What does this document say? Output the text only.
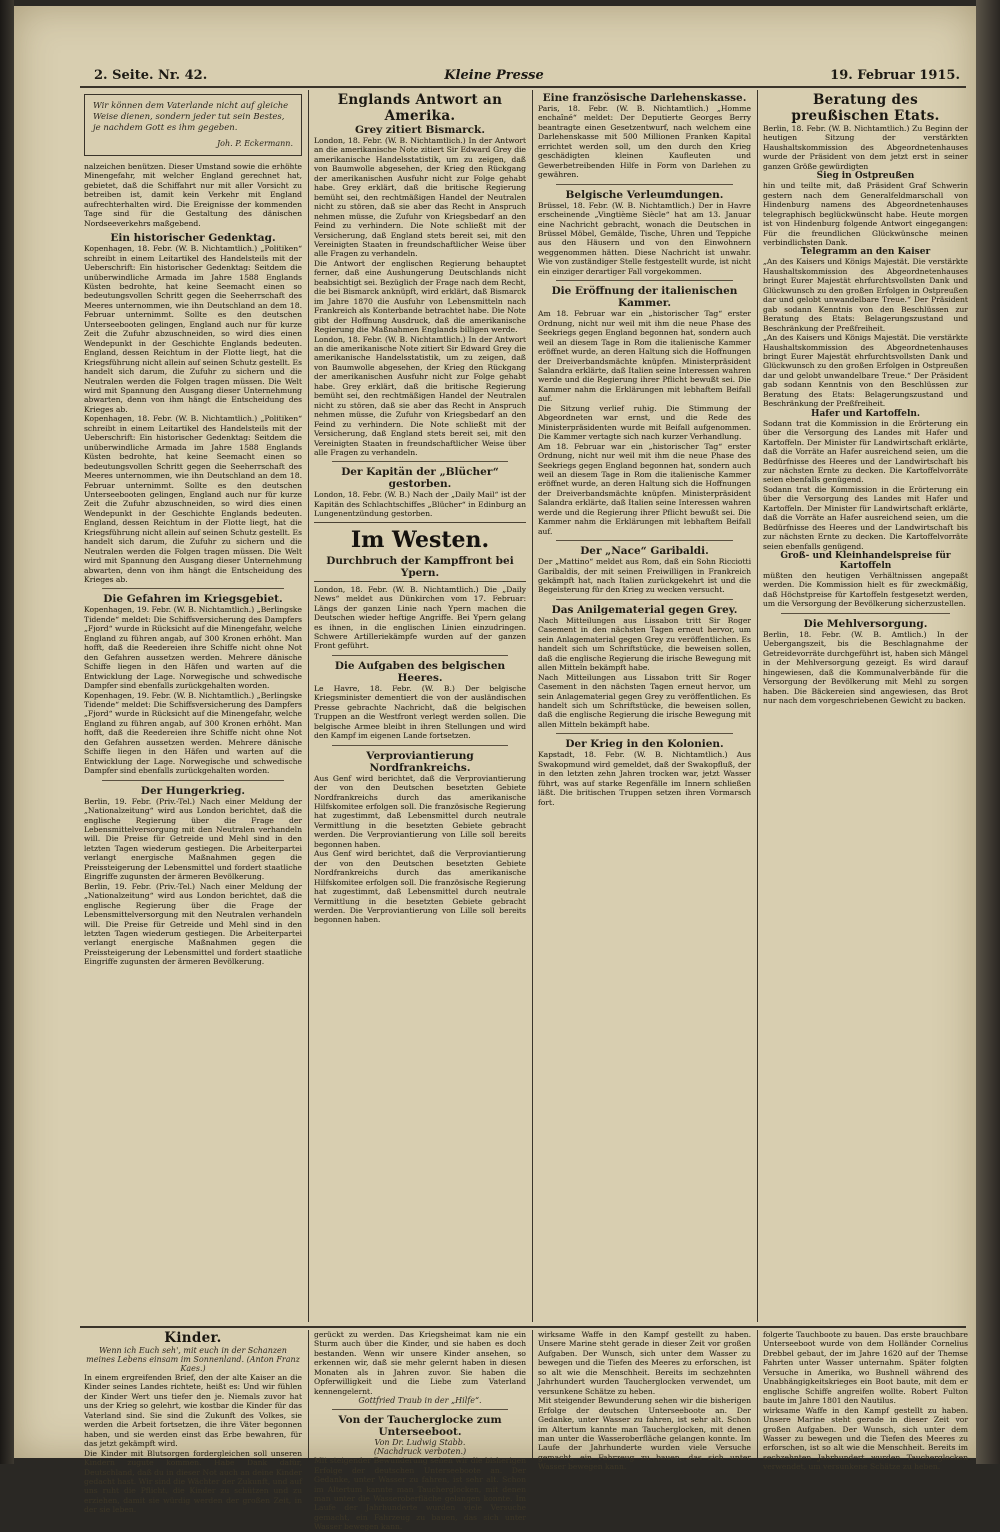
2. Seite. Nr. 42.	Kleine Presse	19. Februar 1915.
Wir können dem Vaterlande nicht auf gleiche Weise dienen, sondern jeder tut sein Bestes, je nachdem Gott es ihm gegeben.
Joh. P. Eckermann.

nalzeichen benützen. Dieser Umstand sowie die erhöhte Minengefahr, mit welcher England gerechnet hat, gebietet, daß die Schiffahrt nur mit aller Vorsicht zu betreiben ist, damit kein Verkehr mit England aufrechterhalten wird. Die Ereignisse der kommenden Tage sind für die Gestaltung des dänischen Nordseeverkehrs maßgebend.

Ein historischer Gedenktag.

Kopenhagen, 18. Febr. (W. B. Nichtamtlich.) „Politiken“ schreibt in einem Leitartikel des Handelsteils mit der Ueberschrift: Ein historischer Gedenktag: Seitdem die unüberwindliche Armada im Jahre 1588 Englands Küsten bedrohte, hat keine Seemacht einen so bedeutungsvollen Schritt gegen die Seeherrschaft des Meeres unternommen, wie ihn Deutschland an dem 18. Februar unternimmt. Sollte es den deutschen Unterseebooten gelingen, England auch nur für kurze Zeit die Zufuhr abzuschneiden, so wird dies einen Wendepunkt in der Geschichte Englands bedeuten. England, dessen Reichtum in der Flotte liegt, hat die Kriegsführung nicht allein auf seinen Schutz gestellt. Es handelt sich darum, die Zufuhr zu sichern und die Neutralen werden die Folgen tragen müssen. Die Welt wird mit Spannung den Ausgang dieser Unternehmung abwarten, denn von ihm hängt die Entscheidung des Krieges ab.

Kopenhagen, 18. Febr. (W. B. Nichtamtlich.) „Politiken“ schreibt in einem Leitartikel des Handelsteils mit der Ueberschrift: Ein historischer Gedenktag: Seitdem die unüberwindliche Armada im Jahre 1588 Englands Küsten bedrohte, hat keine Seemacht einen so bedeutungsvollen Schritt gegen die Seeherrschaft des Meeres unternommen, wie ihn Deutschland an dem 18. Februar unternimmt. Sollte es den deutschen Unterseebooten gelingen, England auch nur für kurze Zeit die Zufuhr abzuschneiden, so wird dies einen Wendepunkt in der Geschichte Englands bedeuten. England, dessen Reichtum in der Flotte liegt, hat die Kriegsführung nicht allein auf seinen Schutz gestellt. Es handelt sich darum, die Zufuhr zu sichern und die Neutralen werden die Folgen tragen müssen. Die Welt wird mit Spannung den Ausgang dieser Unternehmung abwarten, denn von ihm hängt die Entscheidung des Krieges ab.

Die Gefahren im Kriegsgebiet.

Kopenhagen, 19. Febr. (W. B. Nichtamtlich.) „Berlingske Tidende“ meldet: Die Schiffsversicherung des Dampfers „Fjord“ wurde in Rücksicht auf die Minengefahr, welche England zu führen angab, auf 300 Kronen erhöht. Man hofft, daß die Reedereien ihre Schiffe nicht ohne Not den Gefahren aussetzen werden. Mehrere dänische Schiffe liegen in den Häfen und warten auf die Entwicklung der Lage. Norwegische und schwedische Dampfer sind ebenfalls zurückgehalten worden.

Kopenhagen, 19. Febr. (W. B. Nichtamtlich.) „Berlingske Tidende“ meldet: Die Schiffsversicherung des Dampfers „Fjord“ wurde in Rücksicht auf die Minengefahr, welche England zu führen angab, auf 300 Kronen erhöht. Man hofft, daß die Reedereien ihre Schiffe nicht ohne Not den Gefahren aussetzen werden. Mehrere dänische Schiffe liegen in den Häfen und warten auf die Entwicklung der Lage. Norwegische und schwedische Dampfer sind ebenfalls zurückgehalten worden.

Der Hungerkrieg.

Berlin, 19. Febr. (Priv.-Tel.) Nach einer Meldung der „Nationalzeitung“ wird aus London berichtet, daß die englische Regierung über die Frage der Lebensmittelversorgung mit den Neutralen verhandeln will. Die Preise für Getreide und Mehl sind in den letzten Tagen wiederum gestiegen. Die Arbeiterpartei verlangt energische Maßnahmen gegen die Preissteigerung der Lebensmittel und fordert staatliche Eingriffe zugunsten der ärmeren Bevölkerung.

Berlin, 19. Febr. (Priv.-Tel.) Nach einer Meldung der „Nationalzeitung“ wird aus London berichtet, daß die englische Regierung über die Frage der Lebensmittelversorgung mit den Neutralen verhandeln will. Die Preise für Getreide und Mehl sind in den letzten Tagen wiederum gestiegen. Die Arbeiterpartei verlangt energische Maßnahmen gegen die Preissteigerung der Lebensmittel und fordert staatliche Eingriffe zugunsten der ärmeren Bevölkerung.

Englands Antwort an Amerika.
Grey zitiert Bismarck.

London, 18. Febr. (W. B. Nichtamtlich.) In der Antwort an die amerikanische Note zitiert Sir Edward Grey die amerikanische Handelsstatistik, um zu zeigen, daß von Baumwolle abgesehen, der Krieg den Rückgang der amerikanischen Ausfuhr nicht zur Folge gehabt habe. Grey erklärt, daß die britische Regierung bemüht sei, den rechtmäßigen Handel der Neutralen nicht zu stören, daß sie aber das Recht in Anspruch nehmen müsse, die Zufuhr von Kriegsbedarf an den Feind zu verhindern. Die Note schließt mit der Versicherung, daß England stets bereit sei, mit den Vereinigten Staaten in freundschaftlicher Weise über alle Fragen zu verhandeln.

Die Antwort der englischen Regierung behauptet ferner, daß eine Aushungerung Deutschlands nicht beabsichtigt sei. Bezüglich der Frage nach dem Recht, die bei Bismarck anknüpft, wird erklärt, daß Bismarck im Jahre 1870 die Ausfuhr von Lebensmitteln nach Frankreich als Konterbande betrachtet habe. Die Note gibt der Hoffnung Ausdruck, daß die amerikanische Regierung die Maßnahmen Englands billigen werde.

London, 18. Febr. (W. B. Nichtamtlich.) In der Antwort an die amerikanische Note zitiert Sir Edward Grey die amerikanische Handelsstatistik, um zu zeigen, daß von Baumwolle abgesehen, der Krieg den Rückgang der amerikanischen Ausfuhr nicht zur Folge gehabt habe. Grey erklärt, daß die britische Regierung bemüht sei, den rechtmäßigen Handel der Neutralen nicht zu stören, daß sie aber das Recht in Anspruch nehmen müsse, die Zufuhr von Kriegsbedarf an den Feind zu verhindern. Die Note schließt mit der Versicherung, daß England stets bereit sei, mit den Vereinigten Staaten in freundschaftlicher Weise über alle Fragen zu verhandeln.

Der Kapitän der „Blücher“ gestorben.

London, 18. Febr. (W. B.) Nach der „Daily Mail“ ist der Kapitän des Schlachtschiffes „Blücher“ in Edinburg an Lungenentzündung gestorben.

Im Westen.
Durchbruch der Kampffront bei Ypern.

London, 18. Febr. (W. B. Nichtamtlich.) Die „Daily News“ meldet aus Dünkirchen vom 17. Februar: Längs der ganzen Linie nach Ypern machen die Deutschen wieder heftige Angriffe. Bei Ypern gelang es ihnen, in die englischen Linien einzudringen. Schwere Artilleriekämpfe wurden auf der ganzen Front geführt.

Die Aufgaben des belgischen Heeres.

Le Havre, 18. Febr. (W. B.) Der belgische Kriegsminister dementiert die von der ausländischen Presse gebrachte Nachricht, daß die belgischen Truppen an die Westfront verlegt werden sollen. Die belgische Armee bleibt in ihren Stellungen und wird den Kampf im eigenen Lande fortsetzen.

Verproviantierung Nordfrankreichs.

Aus Genf wird berichtet, daß die Verproviantierung der von den Deutschen besetzten Gebiete Nordfrankreichs durch das amerikanische Hilfskomitee erfolgen soll. Die französische Regierung hat zugestimmt, daß Lebensmittel durch neutrale Vermittlung in die besetzten Gebiete gebracht werden. Die Verproviantierung von Lille soll bereits begonnen haben.

Aus Genf wird berichtet, daß die Verproviantierung der von den Deutschen besetzten Gebiete Nordfrankreichs durch das amerikanische Hilfskomitee erfolgen soll. Die französische Regierung hat zugestimmt, daß Lebensmittel durch neutrale Vermittlung in die besetzten Gebiete gebracht werden. Die Verproviantierung von Lille soll bereits begonnen haben.

Eine französische Darlehenskasse.

Paris, 18. Febr. (W. B. Nichtamtlich.) „Homme enchaîné“ meldet: Der Deputierte Georges Berry beantragte einen Gesetzentwurf, nach welchem eine Darlehenskasse mit 500 Millionen Franken Kapital errichtet werden soll, um den durch den Krieg geschädigten kleinen Kaufleuten und Gewerbetreibenden Hilfe in Form von Darlehen zu gewähren.

Belgische Verleumdungen.

Brüssel, 18. Febr. (W. B. Nichtamtlich.) Der in Havre erscheinende „Vingtième Siècle“ hat am 13. Januar eine Nachricht gebracht, wonach die Deutschen in Brüssel Möbel, Gemälde, Tische, Uhren und Teppiche aus den Häusern und von den Einwohnern weggenommen hätten. Diese Nachricht ist unwahr. Wie von zuständiger Stelle festgestellt wurde, ist nicht ein einziger derartiger Fall vorgekommen.

Die Eröffnung der italienischen Kammer.

Am 18. Februar war ein „historischer Tag“ erster Ordnung, nicht nur weil mit ihm die neue Phase des Seekriegs gegen England begonnen hat, sondern auch weil an diesem Tage in Rom die italienische Kammer eröffnet wurde, an deren Haltung sich die Hoffnungen der Dreiverbandsmächte knüpfen. Ministerpräsident Salandra erklärte, daß Italien seine Interessen wahren werde und die Regierung ihrer Pflicht bewußt sei. Die Kammer nahm die Erklärungen mit lebhaftem Beifall auf.

Die Sitzung verlief ruhig. Die Stimmung der Abgeordneten war ernst, und die Rede des Ministerpräsidenten wurde mit Beifall aufgenommen. Die Kammer vertagte sich nach kurzer Verhandlung.

Am 18. Februar war ein „historischer Tag“ erster Ordnung, nicht nur weil mit ihm die neue Phase des Seekriegs gegen England begonnen hat, sondern auch weil an diesem Tage in Rom die italienische Kammer eröffnet wurde, an deren Haltung sich die Hoffnungen der Dreiverbandsmächte knüpfen. Ministerpräsident Salandra erklärte, daß Italien seine Interessen wahren werde und die Regierung ihrer Pflicht bewußt sei. Die Kammer nahm die Erklärungen mit lebhaftem Beifall auf.

Der „Nace“ Garibaldi.

Der „Mattino“ meldet aus Rom, daß ein Sohn Ricciotti Garibaldis, der mit seinen Freiwilligen in Frankreich gekämpft hat, nach Italien zurückgekehrt ist und die Begeisterung für den Krieg zu wecken versucht.

Das Anilgematerial gegen Grey.

Nach Mitteilungen aus Lissabon tritt Sir Roger Casement in den nächsten Tagen erneut hervor, um sein Anlagematerial gegen Grey zu veröffentlichen. Es handelt sich um Schriftstücke, die beweisen sollen, daß die englische Regierung die irische Bewegung mit allen Mitteln bekämpft habe.

Nach Mitteilungen aus Lissabon tritt Sir Roger Casement in den nächsten Tagen erneut hervor, um sein Anlagematerial gegen Grey zu veröffentlichen. Es handelt sich um Schriftstücke, die beweisen sollen, daß die englische Regierung die irische Bewegung mit allen Mitteln bekämpft habe.

Der Krieg in den Kolonien.

Kapstadt, 18. Febr. (W. B. Nichtamtlich.) Aus Swakopmund wird gemeldet, daß der Swakopfluß, der in den letzten zehn Jahren trocken war, jetzt Wasser führt, was auf starke Regenfälle im Innern schließen läßt. Die britischen Truppen setzen ihren Vormarsch fort.

Beratung des preußischen Etats.

Berlin, 18. Febr. (W. B. Nichtamtlich.) Zu Beginn der heutigen Sitzung der verstärkten Haushaltskommission des Abgeordnetenhauses wurde der Präsident von dem jetzt erst in seiner ganzen Größe gewürdigten

Sieg in Ostpreußen

hin und teilte mit, daß Präsident Graf Schwerin gestern nach dem Generalfeldmarschall von Hindenburg namens des Abgeordnetenhauses telegraphisch beglückwünscht habe. Heute morgen ist von Hindenburg folgende Antwort eingegangen: Für die freundlichen Glückwünsche meinen verbindlichsten Dank.

Telegramm an den Kaiser

„An des Kaisers und Königs Majestät. Die verstärkte Haushaltskommission des Abgeordnetenhauses bringt Eurer Majestät ehrfurchtsvollsten Dank und Glückwunsch zu den großen Erfolgen in Ostpreußen dar und gelobt unwandelbare Treue.“ Der Präsident gab sodann Kenntnis von den Beschlüssen zur Beratung des Etats: Belagerungszustand und Beschränkung der Preßfreiheit.

„An des Kaisers und Königs Majestät. Die verstärkte Haushaltskommission des Abgeordnetenhauses bringt Eurer Majestät ehrfurchtsvollsten Dank und Glückwunsch zu den großen Erfolgen in Ostpreußen dar und gelobt unwandelbare Treue.“ Der Präsident gab sodann Kenntnis von den Beschlüssen zur Beratung des Etats: Belagerungszustand und Beschränkung der Preßfreiheit.

Hafer und Kartoffeln.

Sodann trat die Kommission in die Erörterung ein über die Versorgung des Landes mit Hafer und Kartoffeln. Der Minister für Landwirtschaft erklärte, daß die Vorräte an Hafer ausreichend seien, um die Bedürfnisse des Heeres und der Landwirtschaft bis zur nächsten Ernte zu decken. Die Kartoffelvorräte seien ebenfalls genügend.

Sodann trat die Kommission in die Erörterung ein über die Versorgung des Landes mit Hafer und Kartoffeln. Der Minister für Landwirtschaft erklärte, daß die Vorräte an Hafer ausreichend seien, um die Bedürfnisse des Heeres und der Landwirtschaft bis zur nächsten Ernte zu decken. Die Kartoffelvorräte seien ebenfalls genügend.

Groß- und Kleinhandelspreise für Kartoffeln

müßten den heutigen Verhältnissen angepaßt werden. Die Kommission hielt es für zweckmäßig, daß Höchstpreise für Kartoffeln festgesetzt werden, um die Versorgung der Bevölkerung sicherzustellen.

Die Mehlversorgung.

Berlin, 18. Febr. (W. B. Amtlich.) In der Uebergangszeit, bis die Beschlagnahme der Getreidevorräte durchgeführt ist, haben sich Mängel in der Mehlversorgung gezeigt. Es wird darauf hingewiesen, daß die Kommunalverbände für die Versorgung der Bevölkerung mit Mehl zu sorgen haben. Die Bäckereien sind angewiesen, das Brot nur nach dem vorgeschriebenen Gewicht zu backen.

Kinder.
Wenn ich Euch seh', mit euch in der Schanzen meines Lebens einsam im Sonnenland. (Anton Franz Kaes.)

In einem ergreifenden Brief, den der alte Kaiser an die Kinder seines Landes richtete, heißt es: Und wir fühlen der Kinder Wert uns tiefer den je. Niemals zuvor hat uns der Krieg so gelehrt, wie kostbar die Kinder für das Vaterland sind. Sie sind die Zukunft des Volkes, sie werden die Arbeit fortsetzen, die ihre Väter begonnen haben, und sie werden einst das Erbe bewahren, für das jetzt gekämpft wird.

Die Kinder mit Blutsorgen fordergleichen soll unseren Kindern zugute kommen. Habe Dank dafür, Deutschland, daß du in dieser Not auch an deine Kinder gedacht hast. Wir sind die Wächter der Zukunft, und auf uns ruht die Pflicht, die Kinder zu schützen und zu erziehen, damit sie würdig werden der großen Zeit, in der sie leben.

gerückt zu werden. Das Kriegsheimat kam nie ein Sturm auch über die Kinder, und sie haben es doch bestanden. Wenn wir unsere Kinder ansehen, so erkennen wir, daß sie mehr gelernt haben in diesen Monaten als in Jahren zuvor. Sie haben die Opferwilligkeit und die Liebe zum Vaterland kennengelernt.

Gottfried Traub in der „Hilfe“.
Von der Taucherglocke zum Unterseeboot.
Von Dr. Ludwig Stabb.
(Nachdruck verboten.)

Mit steigender Bewunderung sehen wir die bisherigen Erfolge der deutschen Unterseeboote an. Der Gedanke, unter Wasser zu fahren, ist sehr alt. Schon im Altertum kannte man Taucherglocken, mit denen man unter die Wasseroberfläche gelangen konnte. Im Laufe der Jahrhunderte wurden viele Versuche gemacht, ein Fahrzeug zu bauen, das sich unter Wasser bewegen kann.

wirksame Waffe in den Kampf gestellt zu haben. Unsere Marine steht gerade in dieser Zeit vor großen Aufgaben. Der Wunsch, sich unter dem Wasser zu bewegen und die Tiefen des Meeres zu erforschen, ist so alt wie die Menschheit. Bereits im sechzehnten Jahrhundert wurden Taucherglocken verwendet, um versunkene Schätze zu heben.

Mit steigender Bewunderung sehen wir die bisherigen Erfolge der deutschen Unterseeboote an. Der Gedanke, unter Wasser zu fahren, ist sehr alt. Schon im Altertum kannte man Taucherglocken, mit denen man unter die Wasseroberfläche gelangen konnte. Im Laufe der Jahrhunderte wurden viele Versuche gemacht, ein Fahrzeug zu bauen, das sich unter Wasser bewegen kann.

folgerte Tauchboote zu bauen. Das erste brauchbare Unterseeboot wurde von dem Holländer Cornelius Drebbel gebaut, der im Jahre 1620 auf der Themse Fahrten unter Wasser unternahm. Später folgten Versuche in Amerika, wo Bushnell während des Unabhängigkeitskrieges ein Boot baute, mit dem er englische Schiffe angreifen wollte. Robert Fulton baute im Jahre 1801 den Nautilus.

wirksame Waffe in den Kampf gestellt zu haben. Unsere Marine steht gerade in dieser Zeit vor großen Aufgaben. Der Wunsch, sich unter dem Wasser zu bewegen und die Tiefen des Meeres zu erforschen, ist so alt wie die Menschheit. Bereits im sechzehnten Jahrhundert wurden Taucherglocken verwendet, um versunkene Schätze zu heben.
